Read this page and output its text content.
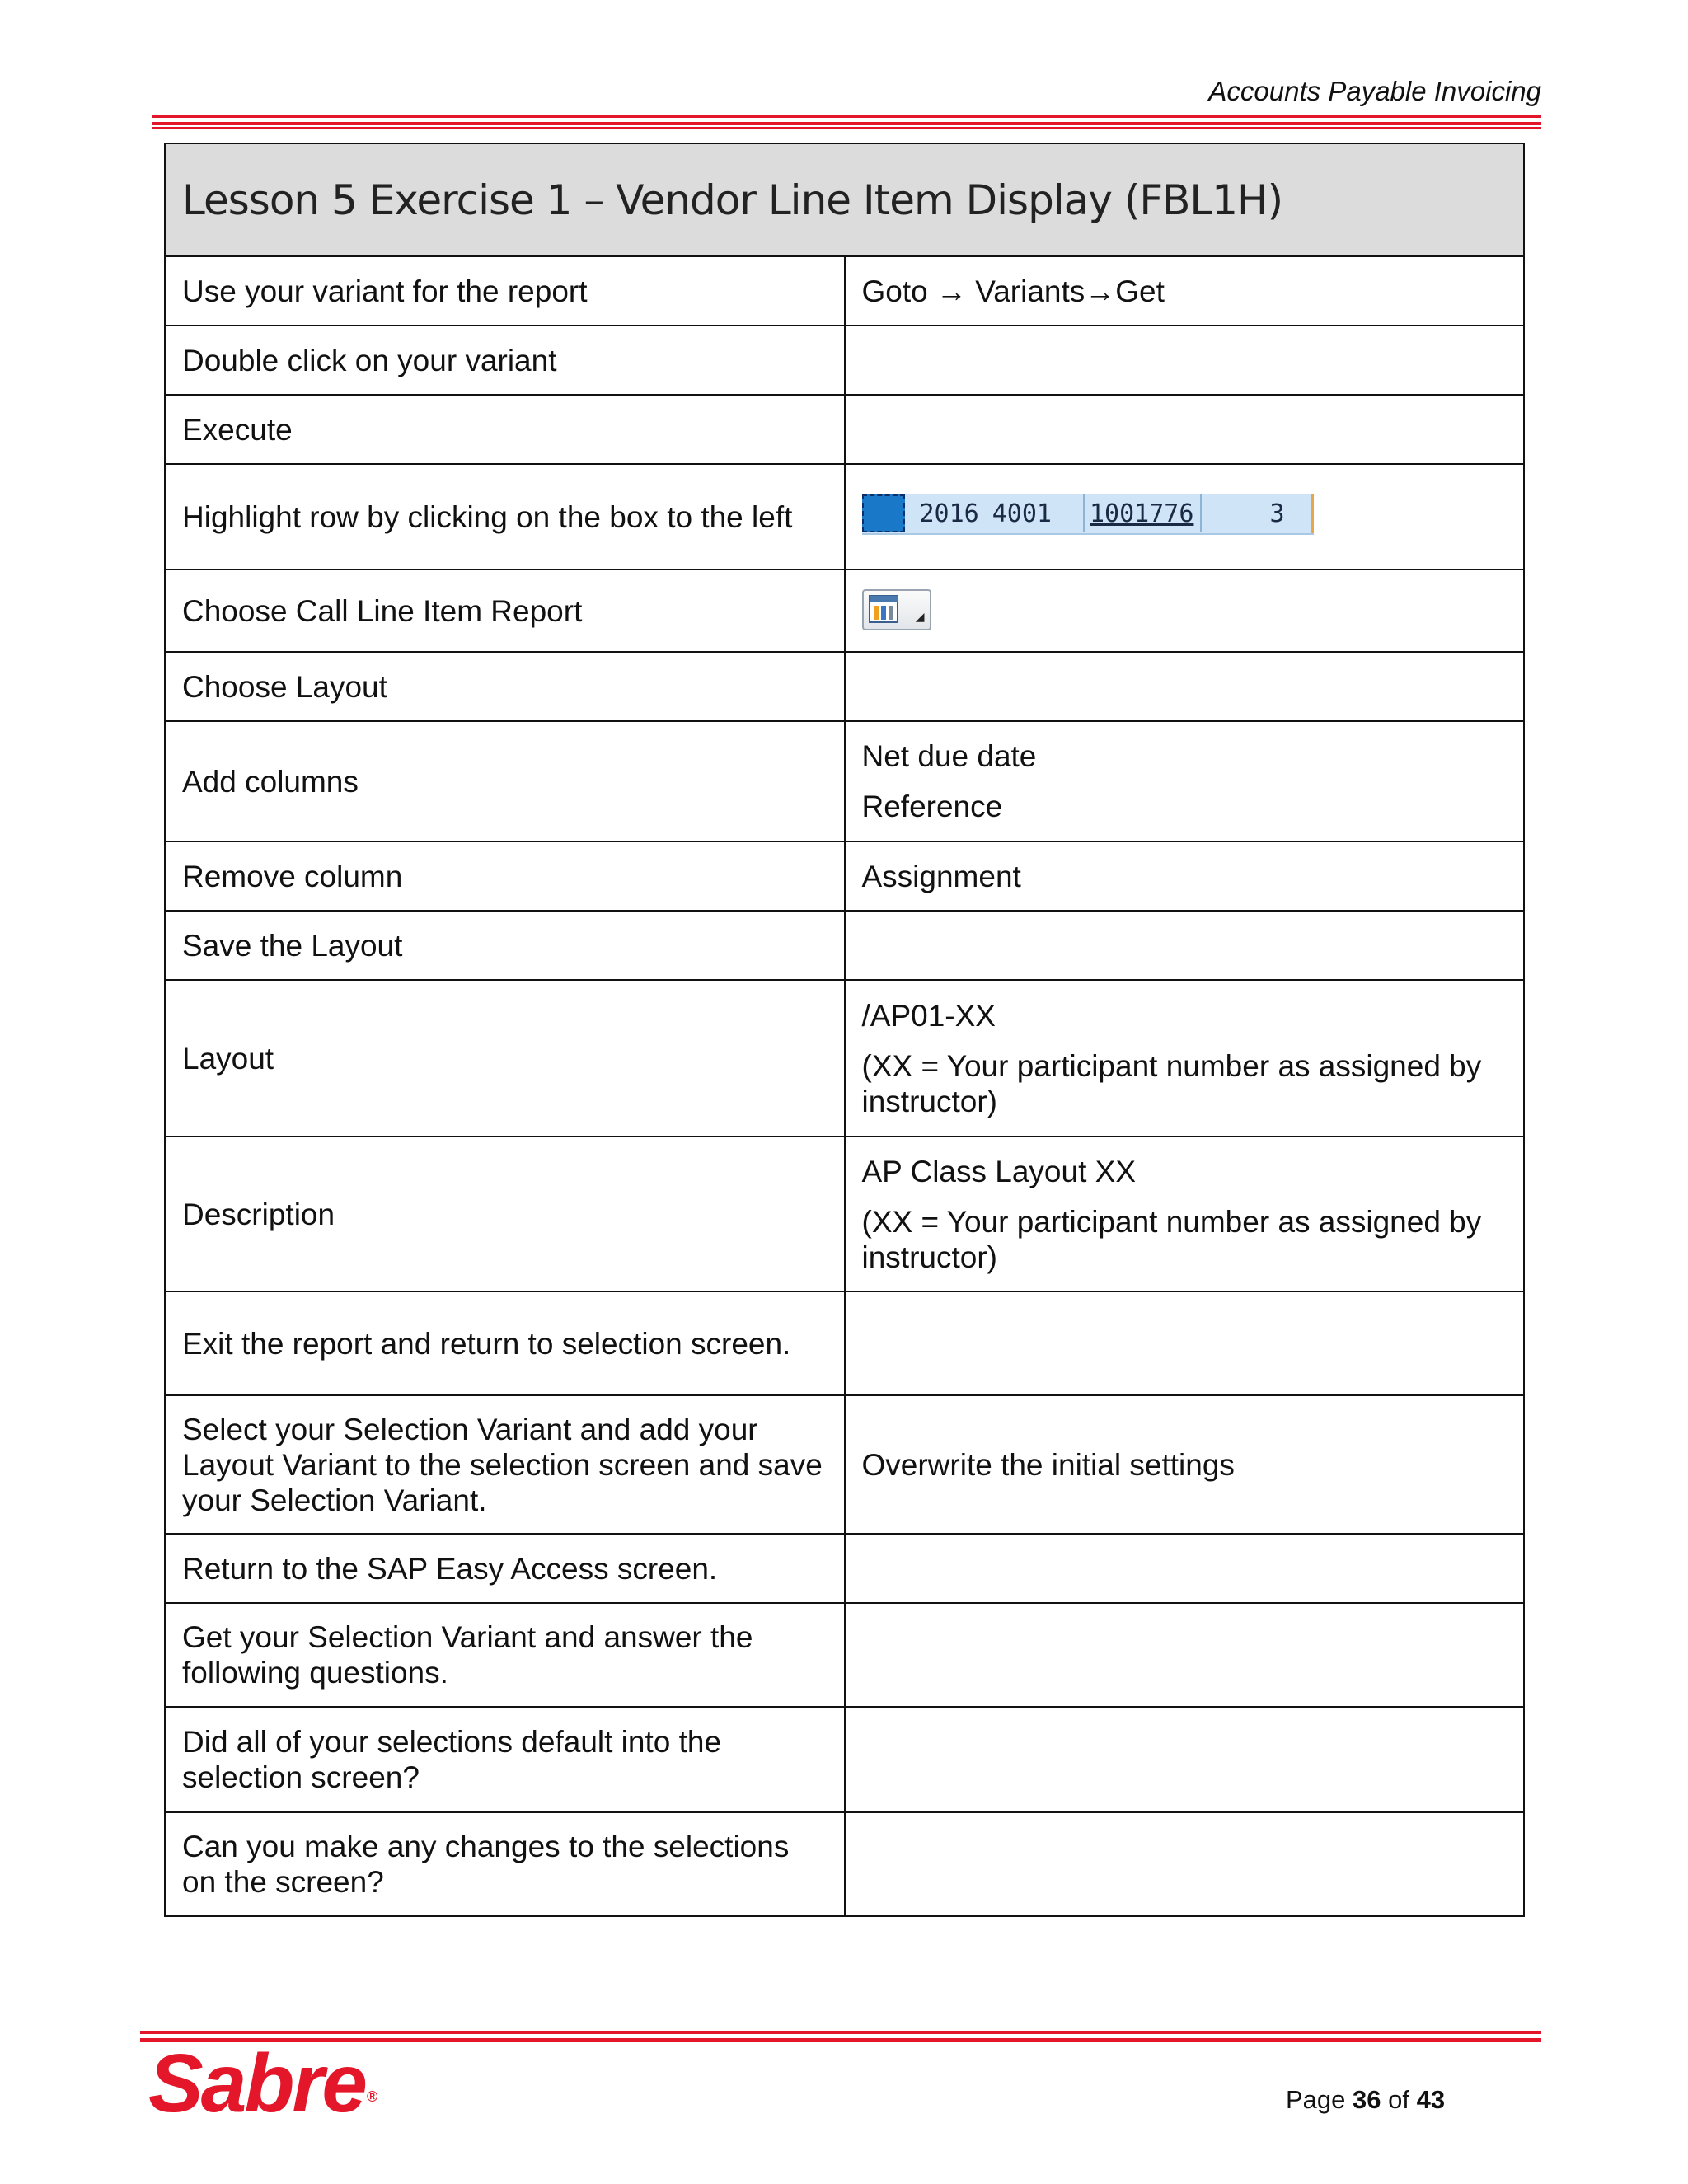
Accounts Payable Invoicing
Lesson 5 Exercise 1 – Vendor Line Item Display (FBL1H)	
Use your variant for the report	Goto → Variants→Get

Double click on your variant	
Execute	
Highlight row by clicking on the box to the left	2016 4001 1001776 3

Choose Call Line Item Report	◢

Choose Layout	
Add columns	Net due date

Reference

Remove column	Assignment

Save the Layout	
Layout	/AP01-XX

(XX = Your participant number as assigned by instructor)

Description	AP Class Layout XX

(XX = Your participant number as assigned by instructor)

Exit the report and return to selection screen.	
Select your Selection Variant and add your Layout Variant to the selection screen and save your Selection Variant.	Overwrite the initial settings

Return to the SAP Easy Access screen.	
Get your Selection Variant and answer the following questions.	
Did all of your selections default into the selection screen?	
Can you make any changes to the selections on the screen?	
Sabre ®	Page 36 of 43
